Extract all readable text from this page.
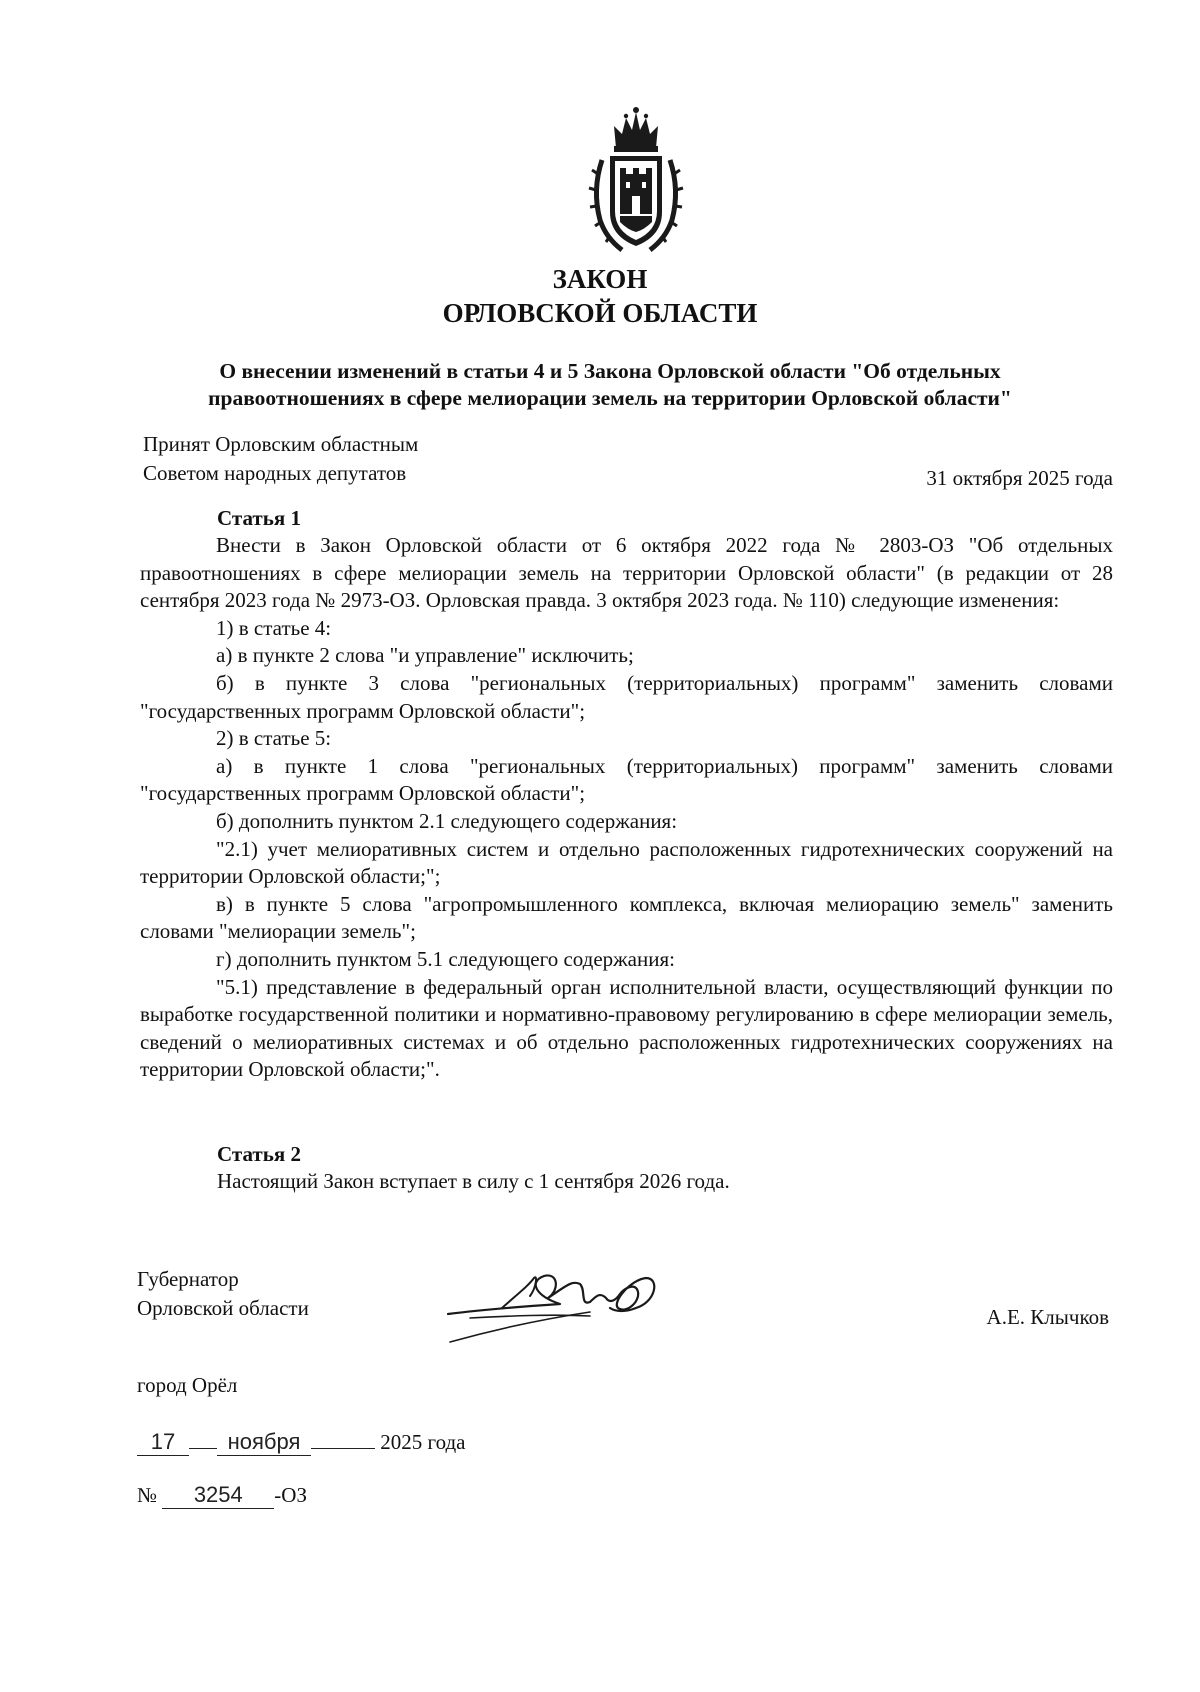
ЗАКОН
ОРЛОВСКОЙ ОБЛАСТИ
О внесении изменений в статьи 4 и 5 Закона Орловской области "Об отдельных
правоотношениях в сфере мелиорации земель на территории Орловской области"
Принят Орловским областным
Советом народных депутатов	31 октября 2025 года
Статья 1

Внести в Закон Орловской области от 6 октября 2022 года № 2803-ОЗ "Об отдельных правоотношениях в сфере мелиорации земель на территории Орловской области" (в редакции от 28 сентября 2023 года № 2973-ОЗ. Орловская правда. 3 октября 2023 года. № 110) следующие изменения:

1) в статье 4:

а) в пункте 2 слова "и управление" исключить;

б) в пункте 3 слова "региональных (территориальных) программ" заменить словами "государственных программ Орловской области";

2) в статье 5:

а) в пункте 1 слова "региональных (территориальных) программ" заменить словами "государственных программ Орловской области";

б) дополнить пунктом 2.1 следующего содержания:

"2.1) учет мелиоративных систем и отдельно расположенных гидротехнических сооружений на территории Орловской области;";

в) в пункте 5 слова "агропромышленного комплекса, включая мелиорацию земель" заменить словами "мелиорации земель";

г) дополнить пунктом 5.1 следующего содержания:

"5.1) представление в федеральный орган исполнительной власти, осуществляющий функции по выработке государственной политики и нормативно-правовому регулированию в сфере мелиорации земель, сведений о мелиоративных системах и об отдельно расположенных гидротехнических сооружениях на территории Орловской области;".

Статья 2
Настоящий Закон вступает в силу с 1 сентября 2026 года.
Губернатор
Орловской области	А.Е. Клычков
город Орёл
17 ноября	2025 года
№ 3254 -ОЗ
